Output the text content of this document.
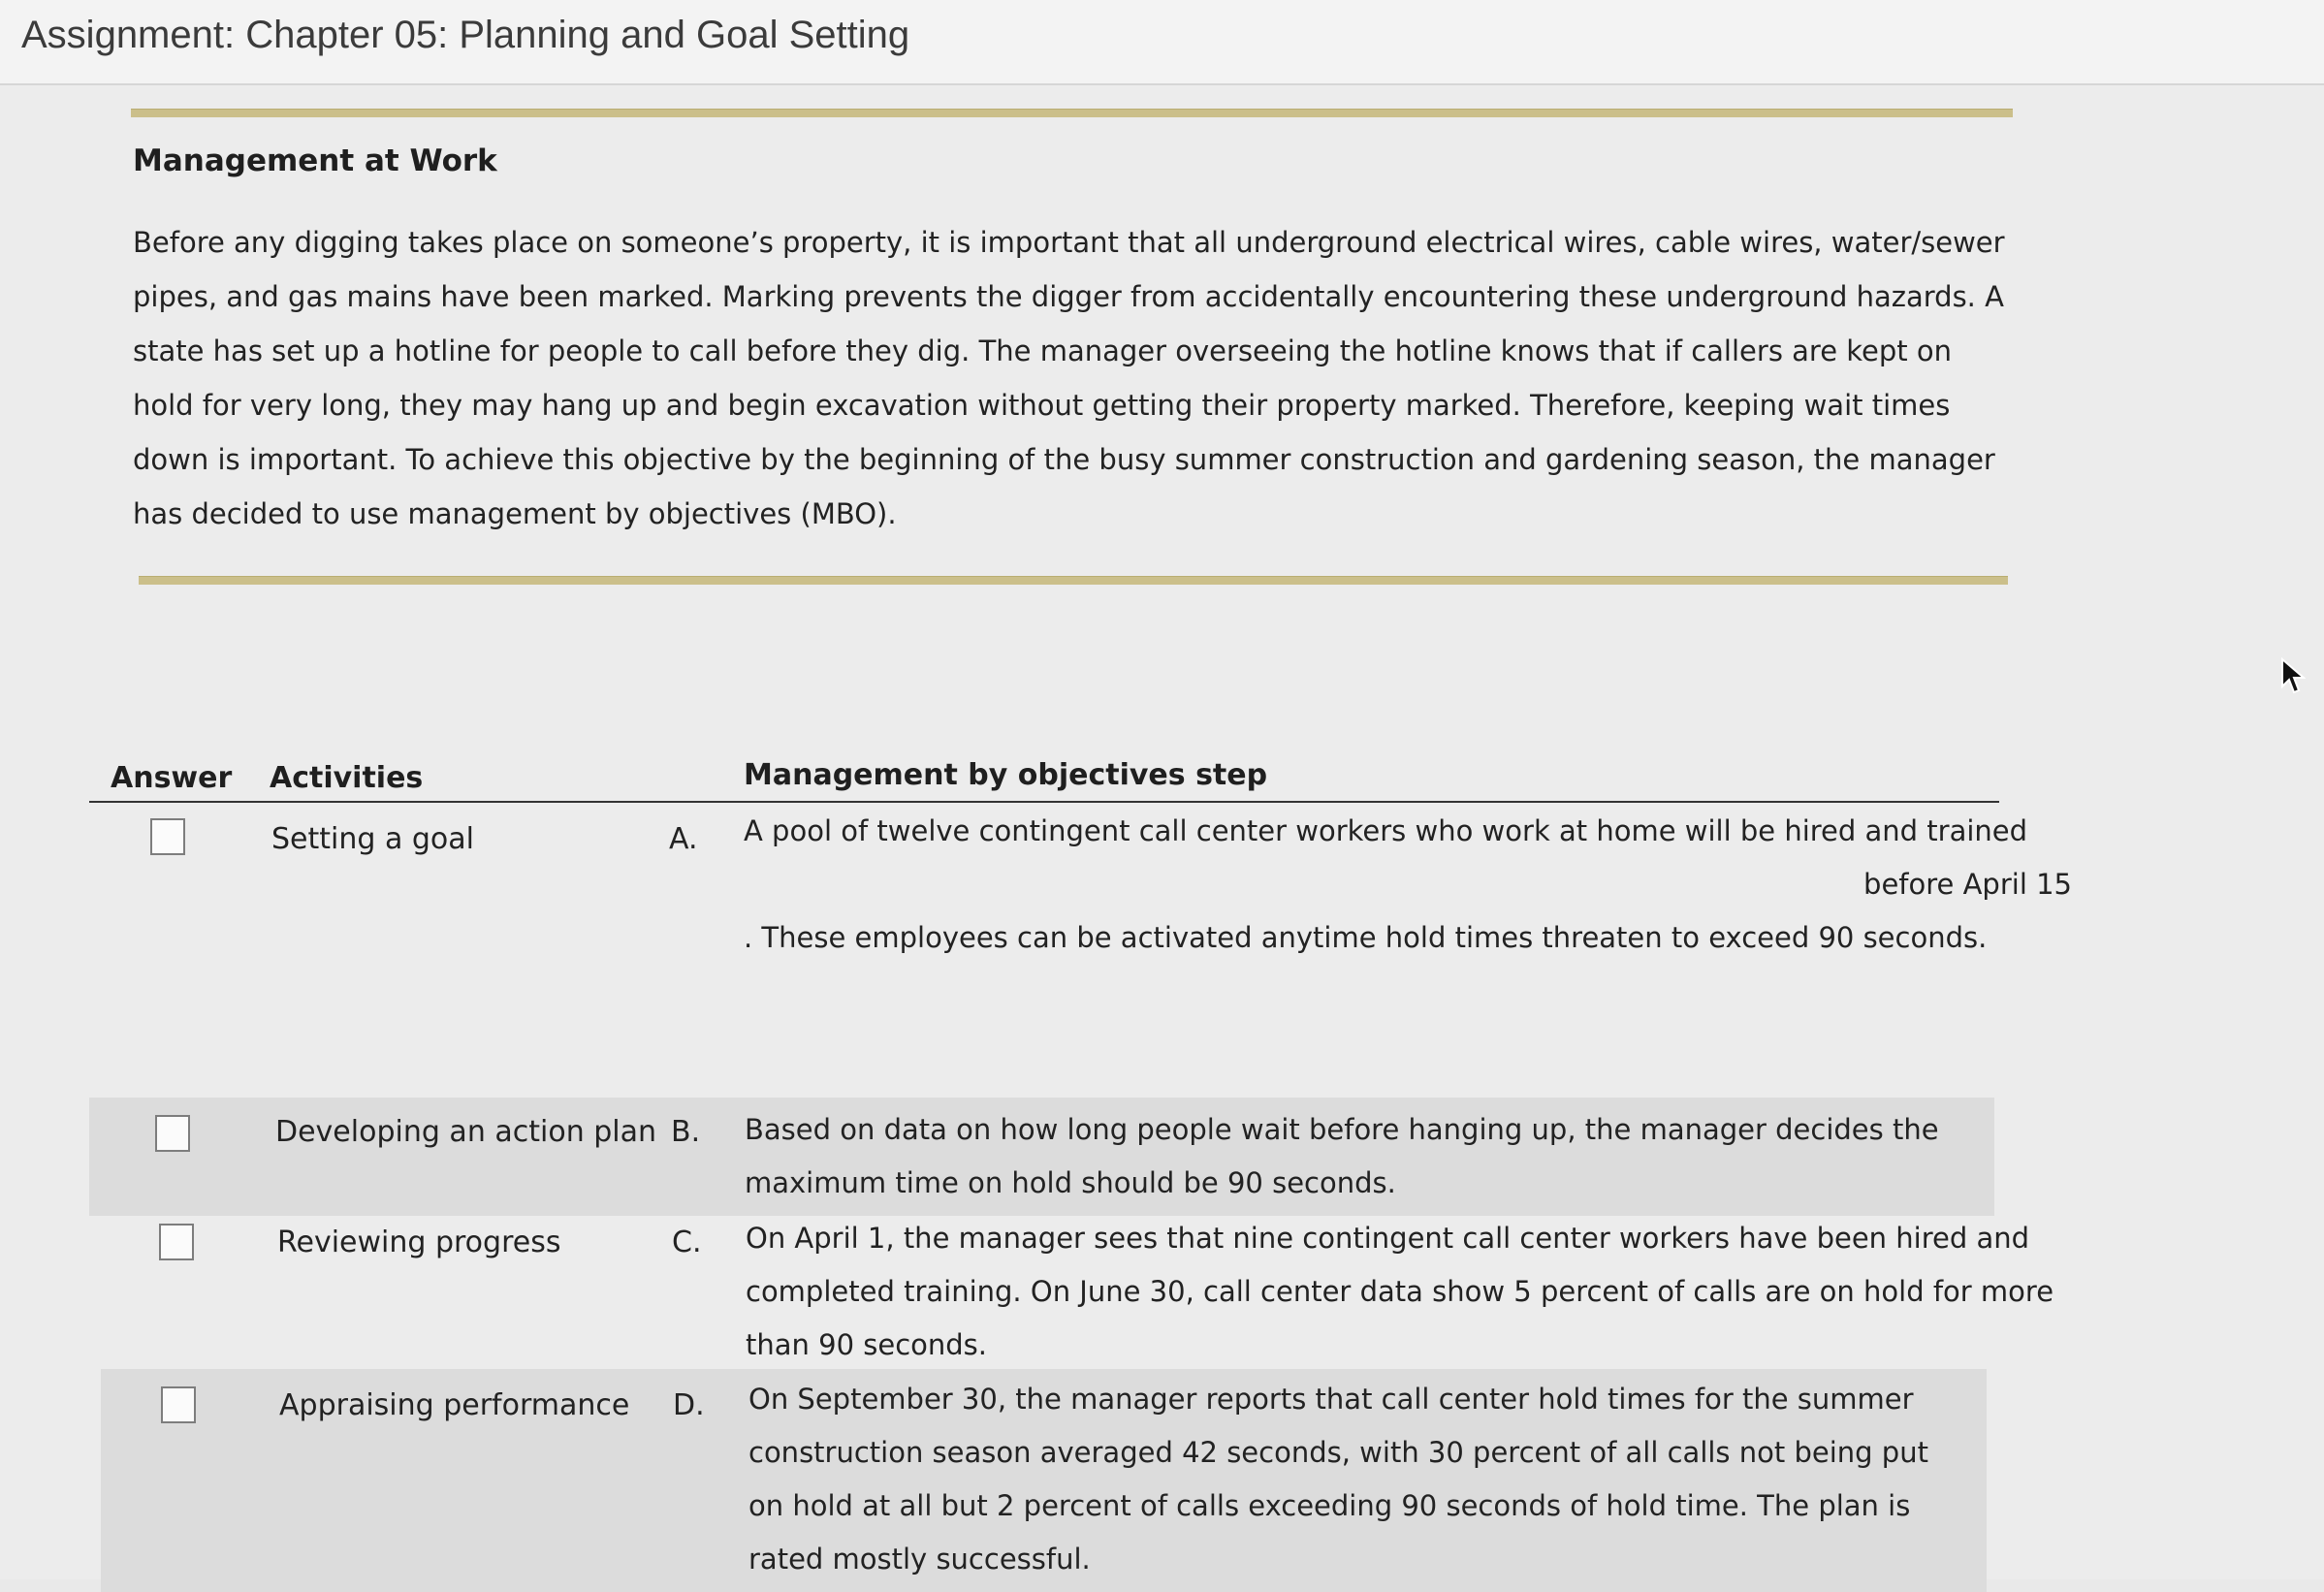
Assignment: Chapter 05: Planning and Goal Setting
Management at Work
Before any digging takes place on someone’s property, it is important that all underground electrical wires, cable wires, water/sewer pipes, and gas mains have been marked. Marking prevents the digger from accidentally encountering these underground hazards. A state has set up a hotline for people to call before they dig. The manager overseeing the hotline knows that if callers are kept on hold for very long, they may hang up and begin excavation without getting their property marked. Therefore, keeping wait times down is important. To achieve this objective by the beginning of the busy summer construction and gardening season, the manager has decided to use management by objectives (MBO).
Answer Activities	Management by objectives step
Setting a goal	A. A pool of twelve contingent call center workers who work at home will be hired and trained
before April 15
. These employees can be activated anytime hold times threaten to exceed 90 seconds.
Developing an action plan B. Based on data on how long people wait before hanging up, the manager decides the maximum time on hold should be 90 seconds.
Reviewing progress	C. On April 1, the manager sees that nine contingent call center workers have been hired and completed training. On June 30, call center data show 5 percent of calls are on hold for more than 90 seconds.
Appraising performance D. On September 30, the manager reports that call center hold times for the summer construction season averaged 42 seconds, with 30 percent of all calls not being put on hold at all but 2 percent of calls exceeding 90 seconds of hold time. The plan is rated mostly successful.
